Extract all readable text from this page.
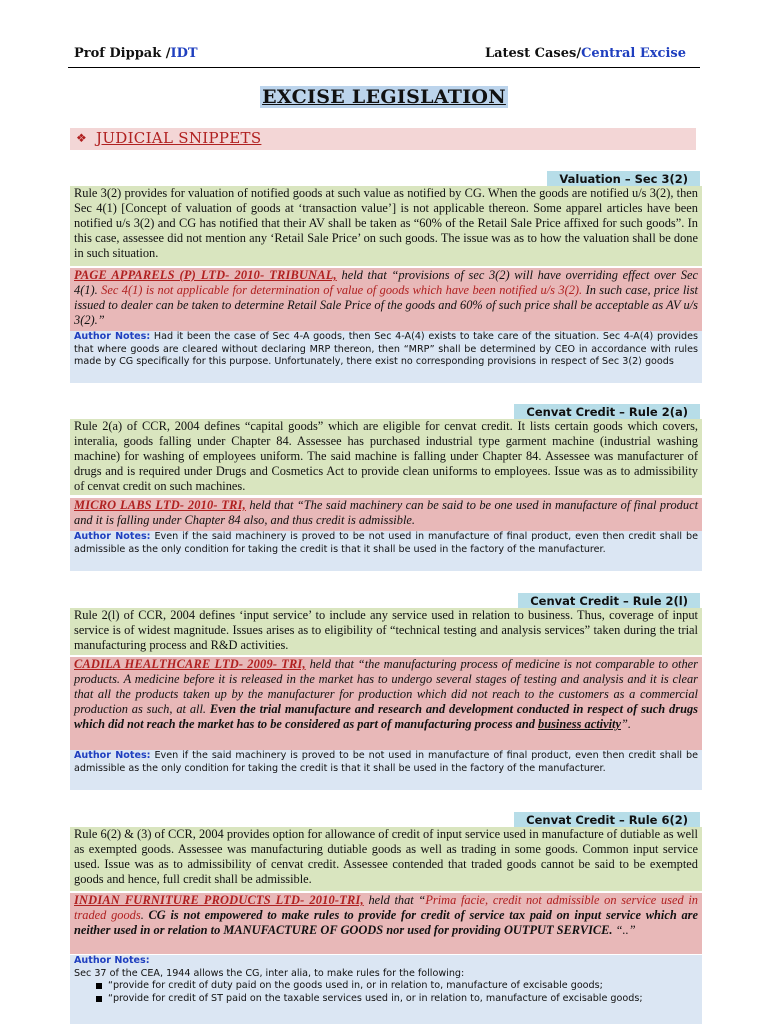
Prof Dippak /IDT	Latest Cases/Central Excise
EXCISE LEGISLATION
❖ JUDICIAL SNIPPETS
Valuation – Sec 3(2)
Rule 3(2) provides for valuation of notified goods at such value as notified by CG. When the goods are notified u/s 3(2), then Sec 4(1) [Concept of valuation of goods at ‘transaction value’] is not applicable thereon. Some apparel articles have been notified u/s 3(2) and CG has notified that their AV shall be taken as “60% of the Retail Sale Price affixed for such goods”. In this case, assessee did not mention any ‘Retail Sale Price’ on such goods. The issue was as to how the valuation shall be done in such situation.
PAGE APPARELS (P) LTD- 2010- TRIBUNAL, held that “provisions of sec 3(2) will have overriding effect over Sec 4(1). Sec 4(1) is not applicable for determination of value of goods which have been notified u/s 3(2). In such case, price list issued to dealer can be taken to determine Retail Sale Price of the goods and 60% of such price shall be acceptable as AV u/s 3(2).”
Author Notes: Had it been the case of Sec 4-A goods, then Sec 4-A(4) exists to take care of the situation. Sec 4-A(4) provides that where goods are cleared without declaring MRP thereon, then “MRP” shall be determined by CEO in accordance with rules made by CG specifically for this purpose. Unfortunately, there exist no corresponding provisions in respect of Sec 3(2) goods
Cenvat Credit – Rule 2(a)
Rule 2(a) of CCR, 2004 defines “capital goods” which are eligible for cenvat credit. It lists certain goods which covers, interalia, goods falling under Chapter 84. Assessee has purchased industrial type garment machine (industrial washing machine) for washing of employees uniform. The said machine is falling under Chapter 84. Assessee was manufacturer of drugs and is required under Drugs and Cosmetics Act to provide clean uniforms to employees. Issue was as to admissibility of cenvat credit on such machines.
MICRO LABS LTD- 2010- TRI, held that “The said machinery can be said to be one used in manufacture of final product and it is falling under Chapter 84 also, and thus credit is admissible.
Author Notes: Even if the said machinery is proved to be not used in manufacture of final product, even then credit shall be admissible as the only condition for taking the credit is that it shall be used in the factory of the manufacturer.
Cenvat Credit – Rule 2(l)
Rule 2(l) of CCR, 2004 defines ‘input service’ to include any service used in relation to business. Thus, coverage of input service is of widest magnitude. Issues arises as to eligibility of “technical testing and analysis services” taken during the trial manufacturing process and R&D activities.
CADILA HEALTHCARE LTD- 2009- TRI, held that “the manufacturing process of medicine is not comparable to other products. A medicine before it is released in the market has to undergo several stages of testing and analysis and it is clear that all the products taken up by the manufacturer for production which did not reach to the customers as a commercial production as such, at all. Even the trial manufacture and research and development conducted in respect of such drugs which did not reach the market has to be considered as part of manufacturing process and business activity”.
Author Notes: Even if the said machinery is proved to be not used in manufacture of final product, even then credit shall be admissible as the only condition for taking the credit is that it shall be used in the factory of the manufacturer.
Cenvat Credit – Rule 6(2)
Rule 6(2) & (3) of CCR, 2004 provides option for allowance of credit of input service used in manufacture of dutiable as well as exempted goods. Assessee was manufacturing dutiable goods as well as trading in some goods. Common input service used. Issue was as to admissibility of cenvat credit. Assessee contended that traded goods cannot be said to be exempted goods and hence, full credit shall be admissible.
INDIAN FURNITURE PRODUCTS LTD- 2010-TRI, held that “Prima facie, credit not admissible on service used in traded goods. CG is not empowered to make rules to provide for credit of service tax paid on input service which are neither used in or relation to MANUFACTURE OF GOODS nor used for providing OUTPUT SERVICE. “..”
Author Notes:
Sec 37 of the CEA, 1944 allows the CG, inter alia, to make rules for the following:
“provide for credit of duty paid on the goods used in, or in relation to, manufacture of excisable goods;
“provide for credit of ST paid on the taxable services used in, or in relation to, manufacture of excisable goods;
